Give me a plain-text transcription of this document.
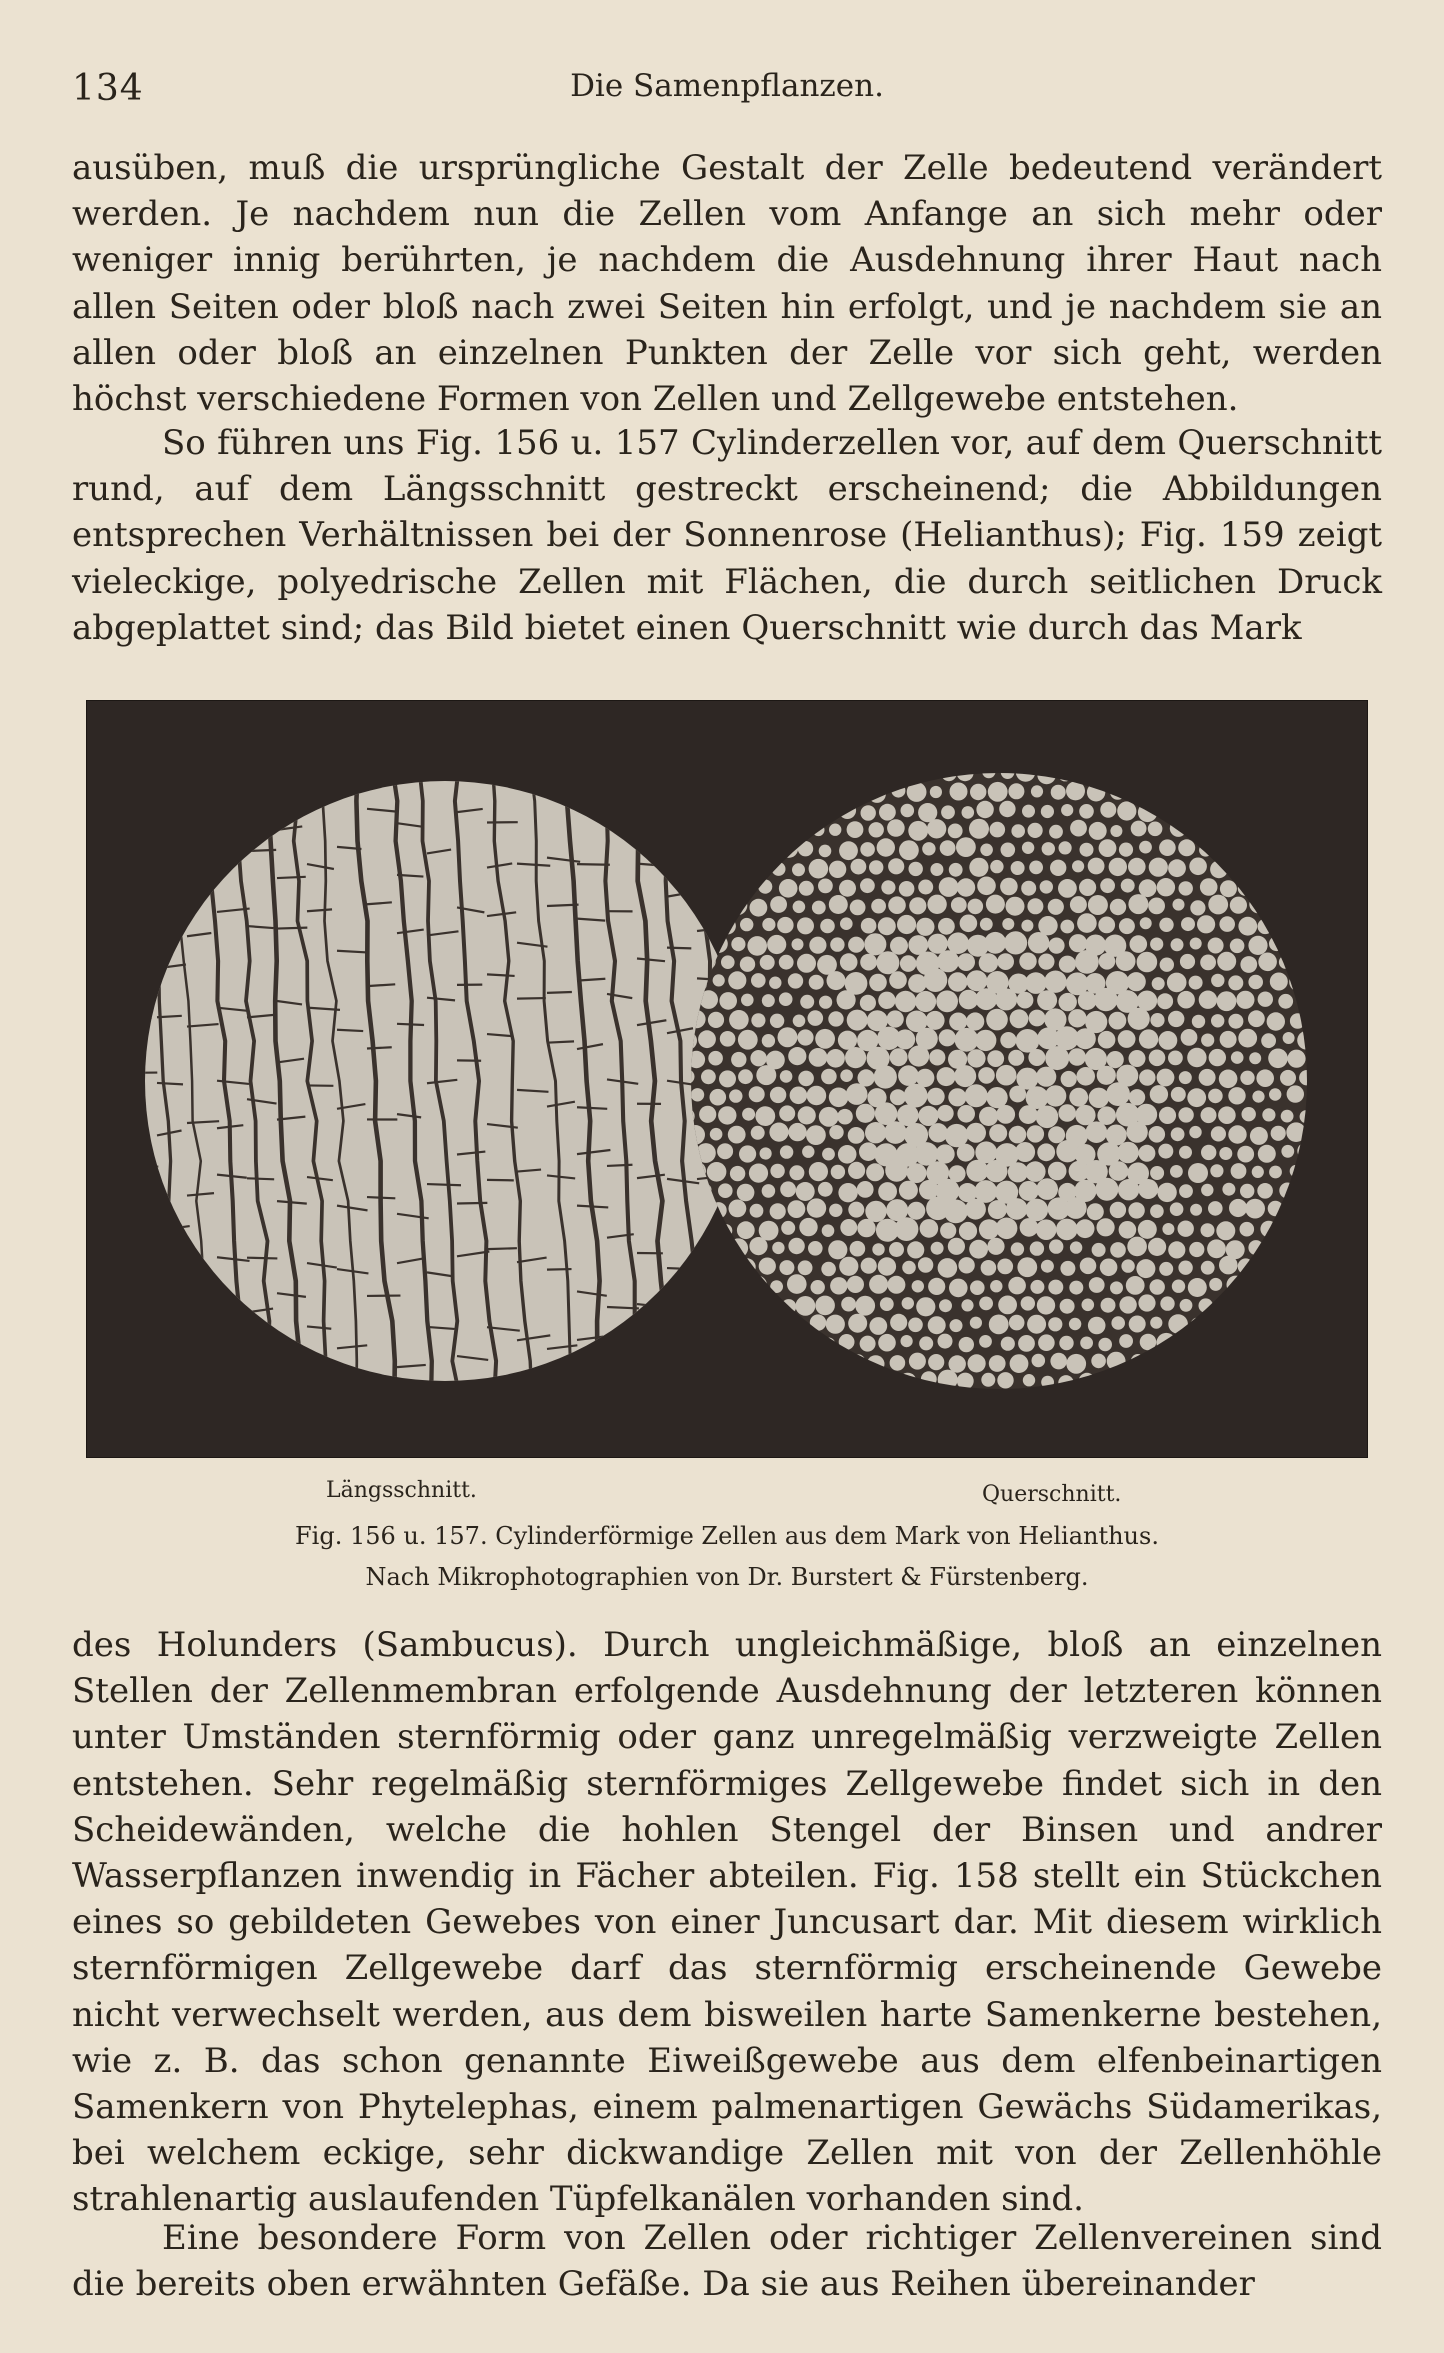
134	Die Samenpflanzen.

ausüben, muß die ursprüngliche Gestalt der Zelle bedeutend verändert werden. Je nachdem nun die Zellen vom Anfange an sich mehr oder weniger innig berührten, je nachdem die Ausdehnung ihrer Haut nach allen Seiten oder bloß nach zwei Seiten hin erfolgt, und je nachdem sie an allen oder bloß an einzelnen Punkten der Zelle vor sich geht, werden höchst verschiedene Formen von Zellen und Zellgewebe entstehen.

So führen uns Fig. 156 u. 157 Cylinderzellen vor, auf dem Querschnitt rund, auf dem Längsschnitt gestreckt erscheinend; die Abbildungen entsprechen Verhältnissen bei der Sonnenrose (Helianthus); Fig. 159 zeigt vieleckige, polyedrische Zellen mit Flächen, die durch seitlichen Druck abgeplattet sind; das Bild bietet einen Querschnitt wie durch das Mark

Längsschnitt.	Querschnitt.
Fig. 156 u. 157. Cylinderförmige Zellen aus dem Mark von Helianthus.
Nach Mikrophotographien von Dr. Burstert & Fürstenberg.

des Holunders (Sambucus). Durch ungleichmäßige, bloß an einzelnen Stellen der Zellenmembran erfolgende Ausdehnung der letzteren können unter Umständen sternförmig oder ganz unregelmäßig verzweigte Zellen entstehen. Sehr regelmäßig sternförmiges Zellgewebe findet sich in den Scheidewänden, welche die hohlen Stengel der Binsen und andrer Wasserpflanzen inwendig in Fächer abteilen. Fig. 158 stellt ein Stückchen eines so gebildeten Gewebes von einer Juncusart dar. Mit diesem wirklich sternförmigen Zellgewebe darf das sternförmig erscheinende Gewebe nicht verwechselt werden, aus dem bisweilen harte Samenkerne bestehen, wie z. B. das schon genannte Eiweißgewebe aus dem elfenbeinartigen Samenkern von Phytelephas, einem palmenartigen Gewächs Südamerikas, bei welchem eckige, sehr dickwandige Zellen mit von der Zellenhöhle strahlenartig auslaufenden Tüpfelkanälen vorhanden sind.

Eine besondere Form von Zellen oder richtiger Zellenvereinen sind die bereits oben erwähnten Gefäße. Da sie aus Reihen übereinander
